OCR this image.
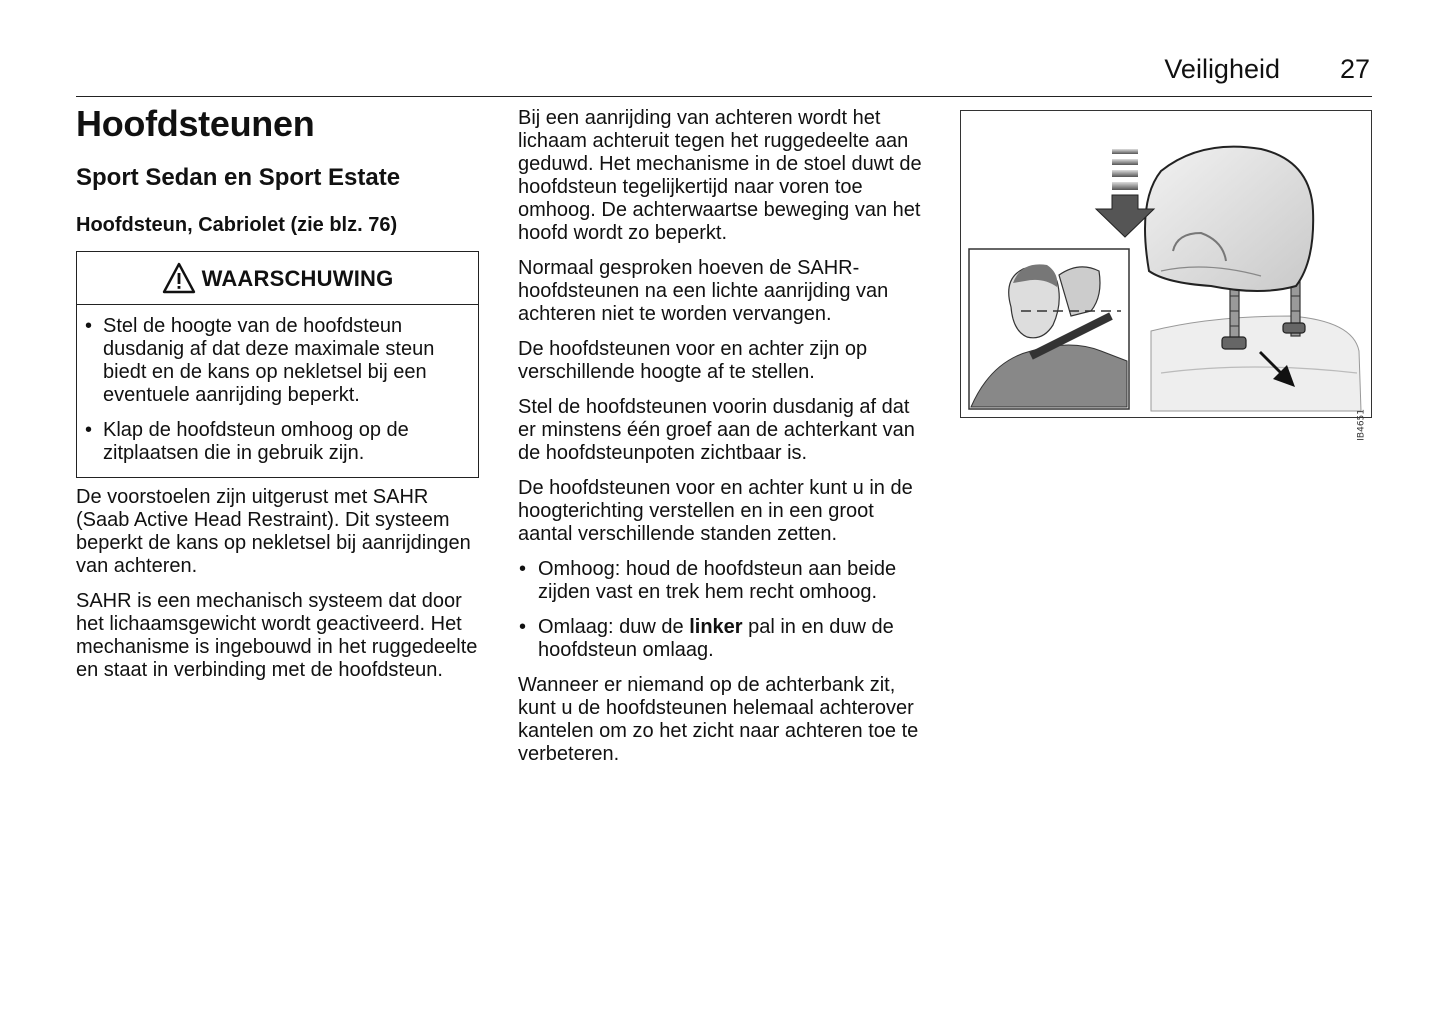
Veiligheid 27
Hoofdsteunen
Sport Sedan en Sport Estate
Hoofdsteun, Cabriolet (zie blz. 76)
WAARSCHUWING
• Stel de hoogte van de hoofdsteun dusdanig af dat deze maximale steun biedt en de kans op nekletsel bij een eventuele aanrijding beperkt.
• Klap de hoofdsteun omhoog op de zitplaatsen die in gebruik zijn.

De voorstoelen zijn uitgerust met SAHR (Saab Active Head Restraint). Dit systeem beperkt de kans op nekletsel bij aanrijdingen van achteren.

SAHR is een mechanisch systeem dat door het lichaamsgewicht wordt geactiveerd. Het mechanisme is ingebouwd in het ruggedeelte en staat in verbinding met de hoofdsteun.

Bij een aanrijding van achteren wordt het lichaam achteruit tegen het ruggedeelte aan geduwd. Het mechanisme in de stoel duwt de hoofdsteun tegelijkertijd naar voren toe omhoog. De achterwaartse beweging van het hoofd wordt zo beperkt.

Normaal gesproken hoeven de SAHR-hoofdsteunen na een lichte aanrijding van achteren niet te worden vervangen.

De hoofdsteunen voor en achter zijn op verschillende hoogte af te stellen.

Stel de hoofdsteunen voorin dusdanig af dat er minstens één groef aan de achterkant van de hoofdsteunpoten zichtbaar is.

De hoofdsteunen voor en achter kunt u in de hoogterichting verstellen en in een groot aantal verschillende standen zetten.

• Omhoog: houd de hoofdsteun aan beide zijden vast en trek hem recht omhoog.
• Omlaag: duw de linker pal in en duw de hoofdsteun omlaag.

Wanneer er niemand op de achterbank zit, kunt u de hoofdsteunen helemaal achterover kantelen om zo het zicht naar achteren toe te verbeteren.

IB4651
